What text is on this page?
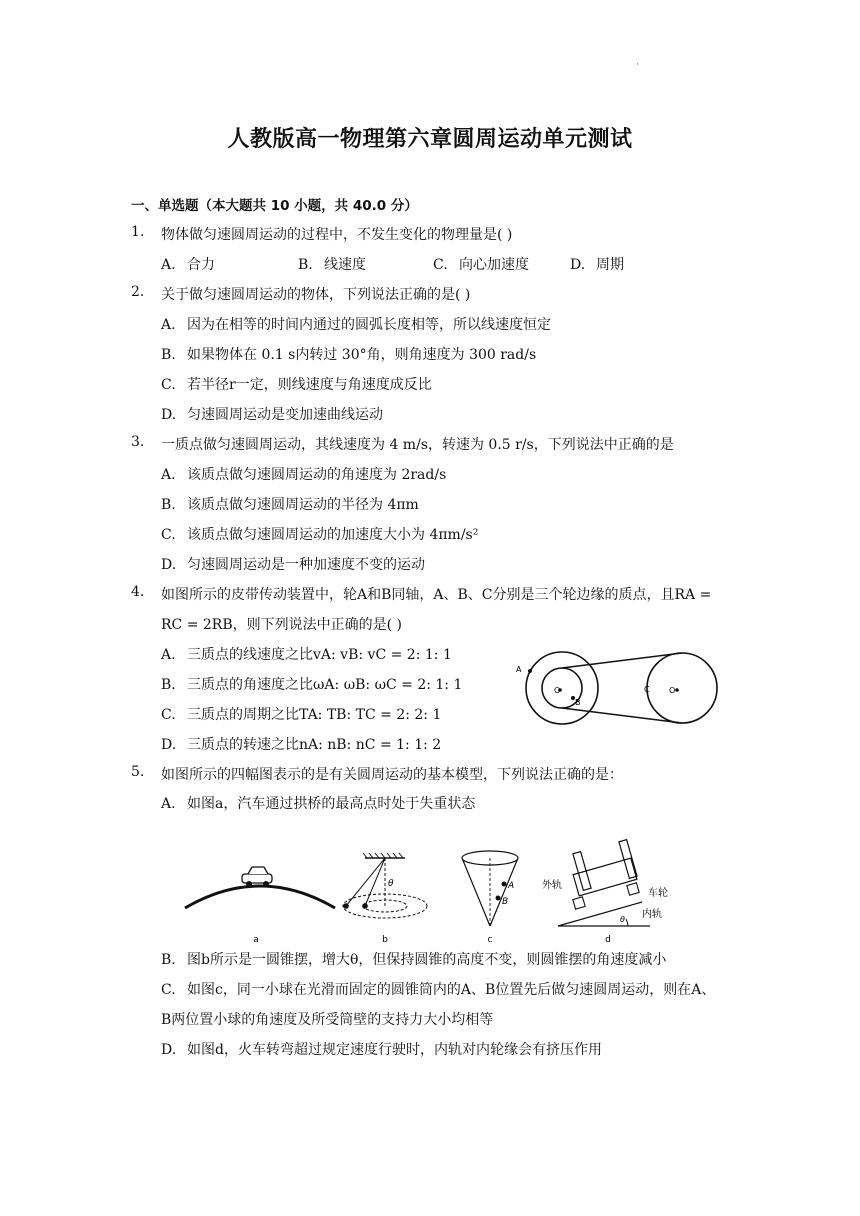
·
人教版高一物理第六章圆周运动单元测试
一、单选题（本大题共 10 小题，共 40.0 分）
1. 物体做匀速圆周运动的过程中，不发生变化的物理量是( )
A. 合力	B. 线速度	C. 向心加速度	D. 周期
2. 关于做匀速圆周运动的物体，下列说法正确的是( )
A. 因为在相等的时间内通过的圆弧长度相等，所以线速度恒定
B. 如果物体在 0.1 s内转过 30°角，则角速度为 300 rad/s
C. 若半径r一定，则线速度与角速度成反比
D. 匀速圆周运动是变加速曲线运动
3. 一质点做匀速圆周运动，其线速度为 4 m/s，转速为 0.5 r/s，下列说法中正确的是
A. 该质点做匀速圆周运动的角速度为 2rad/s
B. 该质点做匀速圆周运动的半径为 4πm
C. 该质点做匀速圆周运动的加速度大小为 4πm/s²
D. 匀速圆周运动是一种加速度不变的运动
4. 如图所示的皮带传动装置中，轮A和B同轴，A、B、C分别是三个轮边缘的质点，且RA =
RC = 2RB，则下列说法中正确的是( )
A. 三质点的线速度之比vA: vB: vC = 2: 1: 1
B. 三质点的角速度之比ωA: ωB: ωC = 2: 1: 1
C. 三质点的周期之比TA: TB: TC = 2: 2: 1
D. 三质点的转速之比nA: nB: nC = 1: 1: 2
A
O
B
C O
5. 如图所示的四幅图表示的是有关圆周运动的基本模型，下列说法正确的是：
A. 如图a，汽车通过拱桥的最高点时处于失重状态
a
θ
b
A
B
c
θ
外轨
车轮
内轨
d
B. 图b所示是一圆锥摆，增大θ，但保持圆锥的高度不变，则圆锥摆的角速度减小
C. 如图c，同一小球在光滑而固定的圆锥筒内的A、B位置先后做匀速圆周运动，则在A、
B两位置小球的角速度及所受筒壁的支持力大小均相等
D. 如图d，火车转弯超过规定速度行驶时，内轨对内轮缘会有挤压作用
